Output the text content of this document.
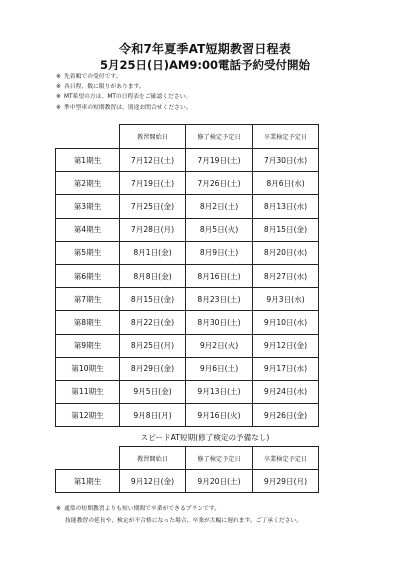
令和7年夏季AT短期教習日程表
5月25日(日)AM9:00電話予約受付開始
※ 先着順での受付です。
※ 各日程、数に限りがあります。
※ MT希望の方は、MTの日程表をご確認ください。
※ 準中型車の短期教習は、別途お問合せください。
	教習開始日	修了検定予定日	卒業検定予定日
第1期生	7月12日(土)	7月19日(土)	7月30日(水)
第2期生	7月19日(土)	7月26日(土)	8月6日(水)
第3期生	7月25日(金)	8月2日(土)	8月13日(水)
第4期生	7月28日(月)	8月5日(火)	8月15日(金)
第5期生	8月1日(金)	8月9日(土)	8月20日(水)
第6期生	8月8日(金)	8月16日(土)	8月27日(水)
第7期生	8月15日(金)	8月23日(土)	9月3日(水)
第8期生	8月22日(金)	8月30日(土)	9月10日(水)
第9期生	8月25日(月)	9月2日(火)	9月12日(金)
第10期生	8月29日(金)	9月6日(土)	9月17日(水)
第11期生	9月5日(金)	9月13日(土)	9月24日(水)
第12期生	9月8日(月)	9月16日(火)	9月26日(金)
スピードAT短期(修了検定の予備なし)
	教習開始日	修了検定予定日	卒業検定予定日
第1期生	9月12日(金)	9月20日(土)	9月29日(月)
※ 通常の短期教習よりも短い期間で卒業ができるプランです。
技能教習の延長や、検定が不合格になった場合、卒業が大幅に遅れます。ご了承ください。
